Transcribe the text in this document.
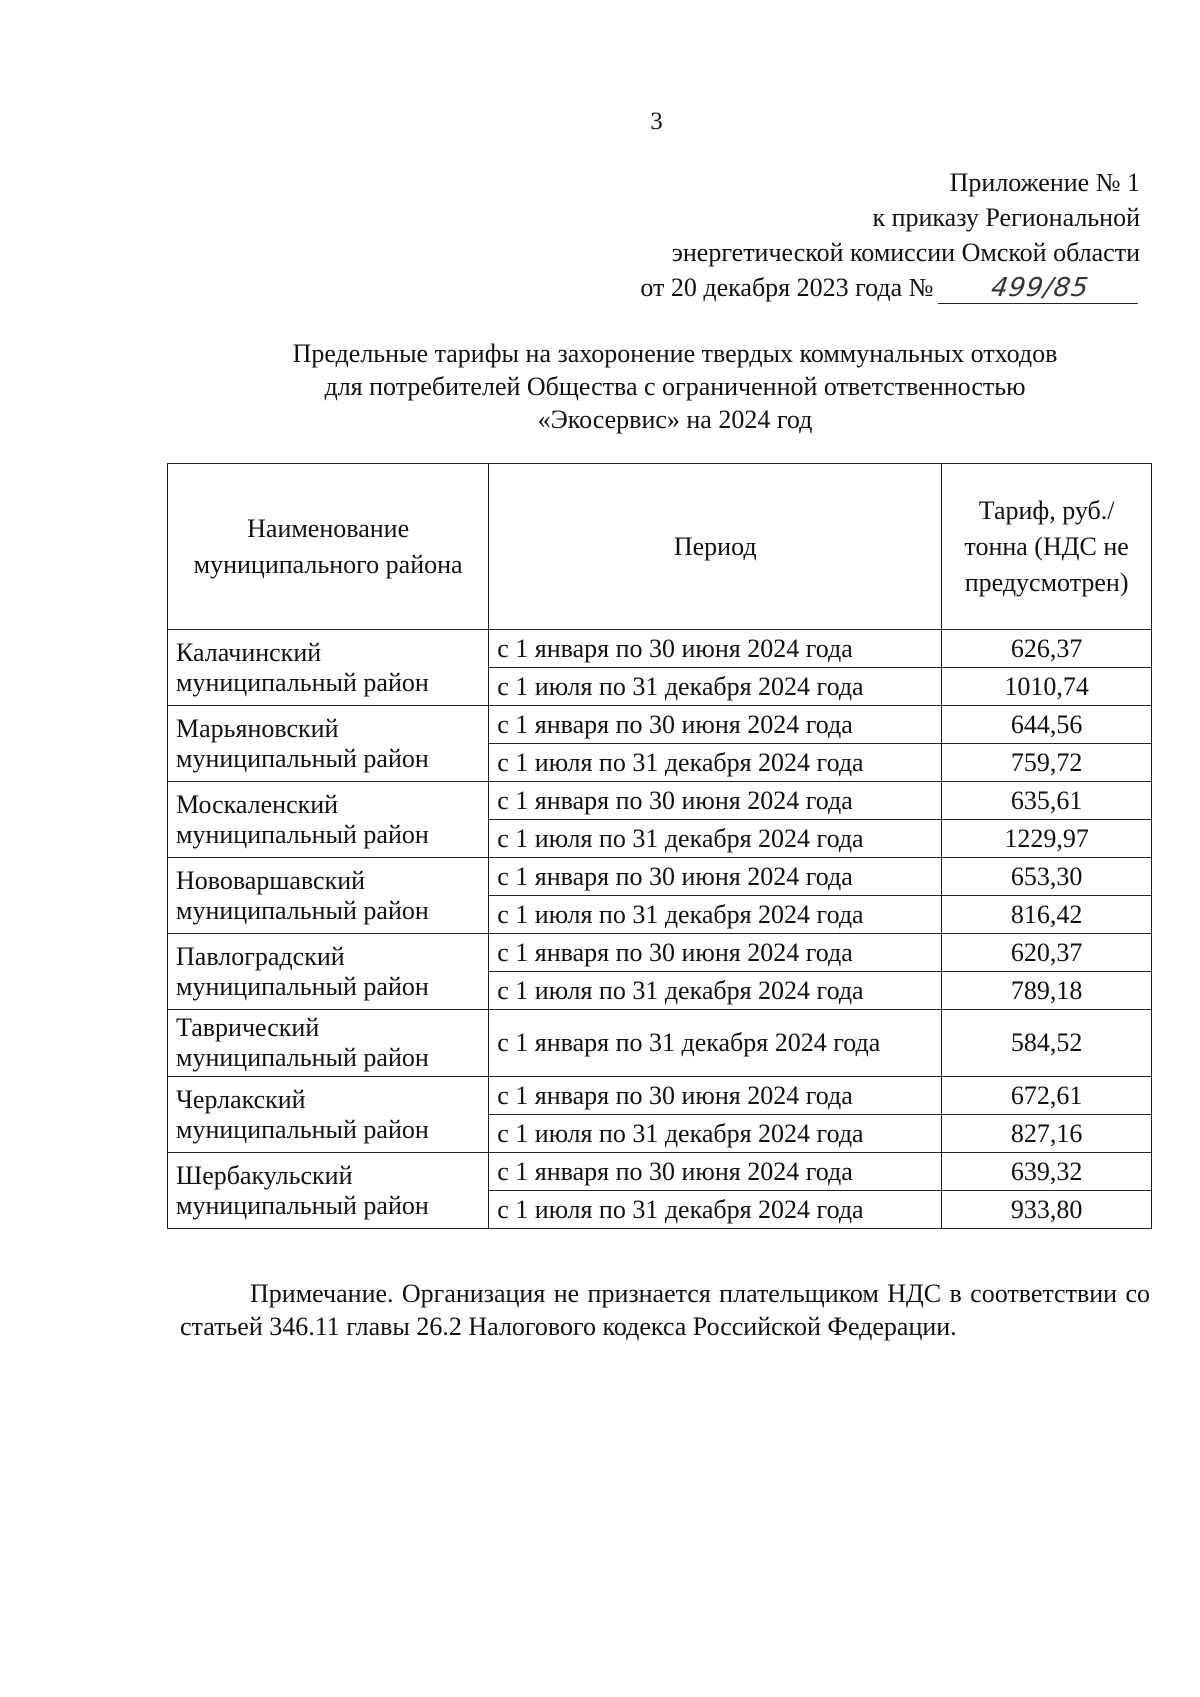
3
Приложение № 1
к приказу Региональной
энергетической комиссии Омской области
от 20 декабря 2023 года № 499/85
Предельные тарифы на захоронение твердых коммунальных отходов
для потребителей Общества с ограниченной ответственностью
«Экосервис» на 2024 год
Наименование муниципального района	Период	Тариф, руб./тонна (НДС не предусмотрен)
Калачинский муниципальный район	с 1 января по 30 июня 2024 года	626,37
	с 1 июля по 31 декабря 2024 года	1010,74
Марьяновский муниципальный район	с 1 января по 30 июня 2024 года	644,56
	с 1 июля по 31 декабря 2024 года	759,72
Москаленский муниципальный район	с 1 января по 30 июня 2024 года	635,61
	с 1 июля по 31 декабря 2024 года	1229,97
Нововаршавский муниципальный район	с 1 января по 30 июня 2024 года	653,30
	с 1 июля по 31 декабря 2024 года	816,42
Павлоградский муниципальный район	с 1 января по 30 июня 2024 года	620,37
	с 1 июля по 31 декабря 2024 года	789,18
Таврический муниципальный район	с 1 января по 31 декабря 2024 года	584,52
Черлакский муниципальный район	с 1 января по 30 июня 2024 года	672,61
	с 1 июля по 31 декабря 2024 года	827,16
Шербакульский муниципальный район	с 1 января по 30 июня 2024 года	639,32
	с 1 июля по 31 декабря 2024 года	933,80
Примечание. Организация не признается плательщиком НДС в соответствии со статьей 346.11 главы 26.2 Налогового кодекса Российской Федерации.
